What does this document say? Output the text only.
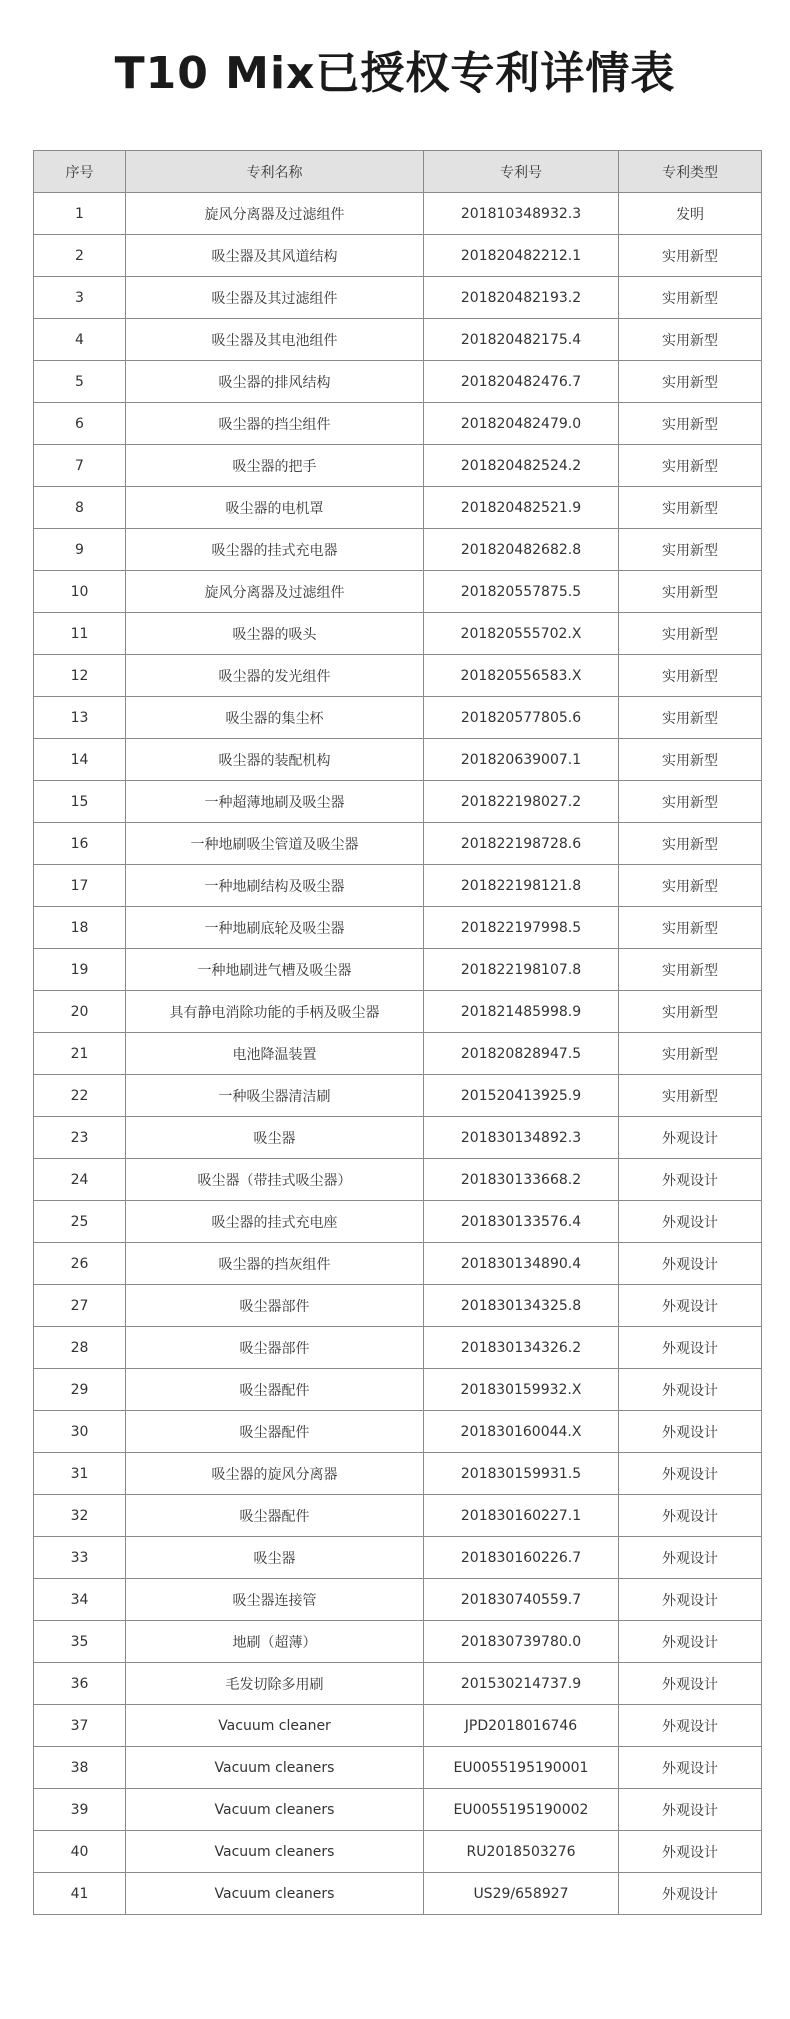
T10 Mix已授权专利详情表
序号	专利名称	专利号	专利类型
1	旋风分离器及过滤组件	201810348932.3	发明
2	吸尘器及其风道结构	201820482212.1	实用新型
3	吸尘器及其过滤组件	201820482193.2	实用新型
4	吸尘器及其电池组件	201820482175.4	实用新型
5	吸尘器的排风结构	201820482476.7	实用新型
6	吸尘器的挡尘组件	201820482479.0	实用新型
7	吸尘器的把手	201820482524.2	实用新型
8	吸尘器的电机罩	201820482521.9	实用新型
9	吸尘器的挂式充电器	201820482682.8	实用新型
10	旋风分离器及过滤组件	201820557875.5	实用新型
11	吸尘器的吸头	201820555702.X	实用新型
12	吸尘器的发光组件	201820556583.X	实用新型
13	吸尘器的集尘杯	201820577805.6	实用新型
14	吸尘器的装配机构	201820639007.1	实用新型
15	一种超薄地刷及吸尘器	201822198027.2	实用新型
16	一种地刷吸尘管道及吸尘器	201822198728.6	实用新型
17	一种地刷结构及吸尘器	201822198121.8	实用新型
18	一种地刷底轮及吸尘器	201822197998.5	实用新型
19	一种地刷进气槽及吸尘器	201822198107.8	实用新型
20	具有静电消除功能的手柄及吸尘器	201821485998.9	实用新型
21	电池降温装置	201820828947.5	实用新型
22	一种吸尘器清洁刷	201520413925.9	实用新型
23	吸尘器	201830134892.3	外观设计
24	吸尘器（带挂式吸尘器）	201830133668.2	外观设计
25	吸尘器的挂式充电座	201830133576.4	外观设计
26	吸尘器的挡灰组件	201830134890.4	外观设计
27	吸尘器部件	201830134325.8	外观设计
28	吸尘器部件	201830134326.2	外观设计
29	吸尘器配件	201830159932.X	外观设计
30	吸尘器配件	201830160044.X	外观设计
31	吸尘器的旋风分离器	201830159931.5	外观设计
32	吸尘器配件	201830160227.1	外观设计
33	吸尘器	201830160226.7	外观设计
34	吸尘器连接管	201830740559.7	外观设计
35	地刷（超薄）	201830739780.0	外观设计
36	毛发切除多用刷	201530214737.9	外观设计
37	Vacuum cleaner	JPD2018016746	外观设计
38	Vacuum cleaners	EU0055195190001	外观设计
39	Vacuum cleaners	EU0055195190002	外观设计
40	Vacuum cleaners	RU2018503276	外观设计
41	Vacuum cleaners	US29/658927	外观设计
